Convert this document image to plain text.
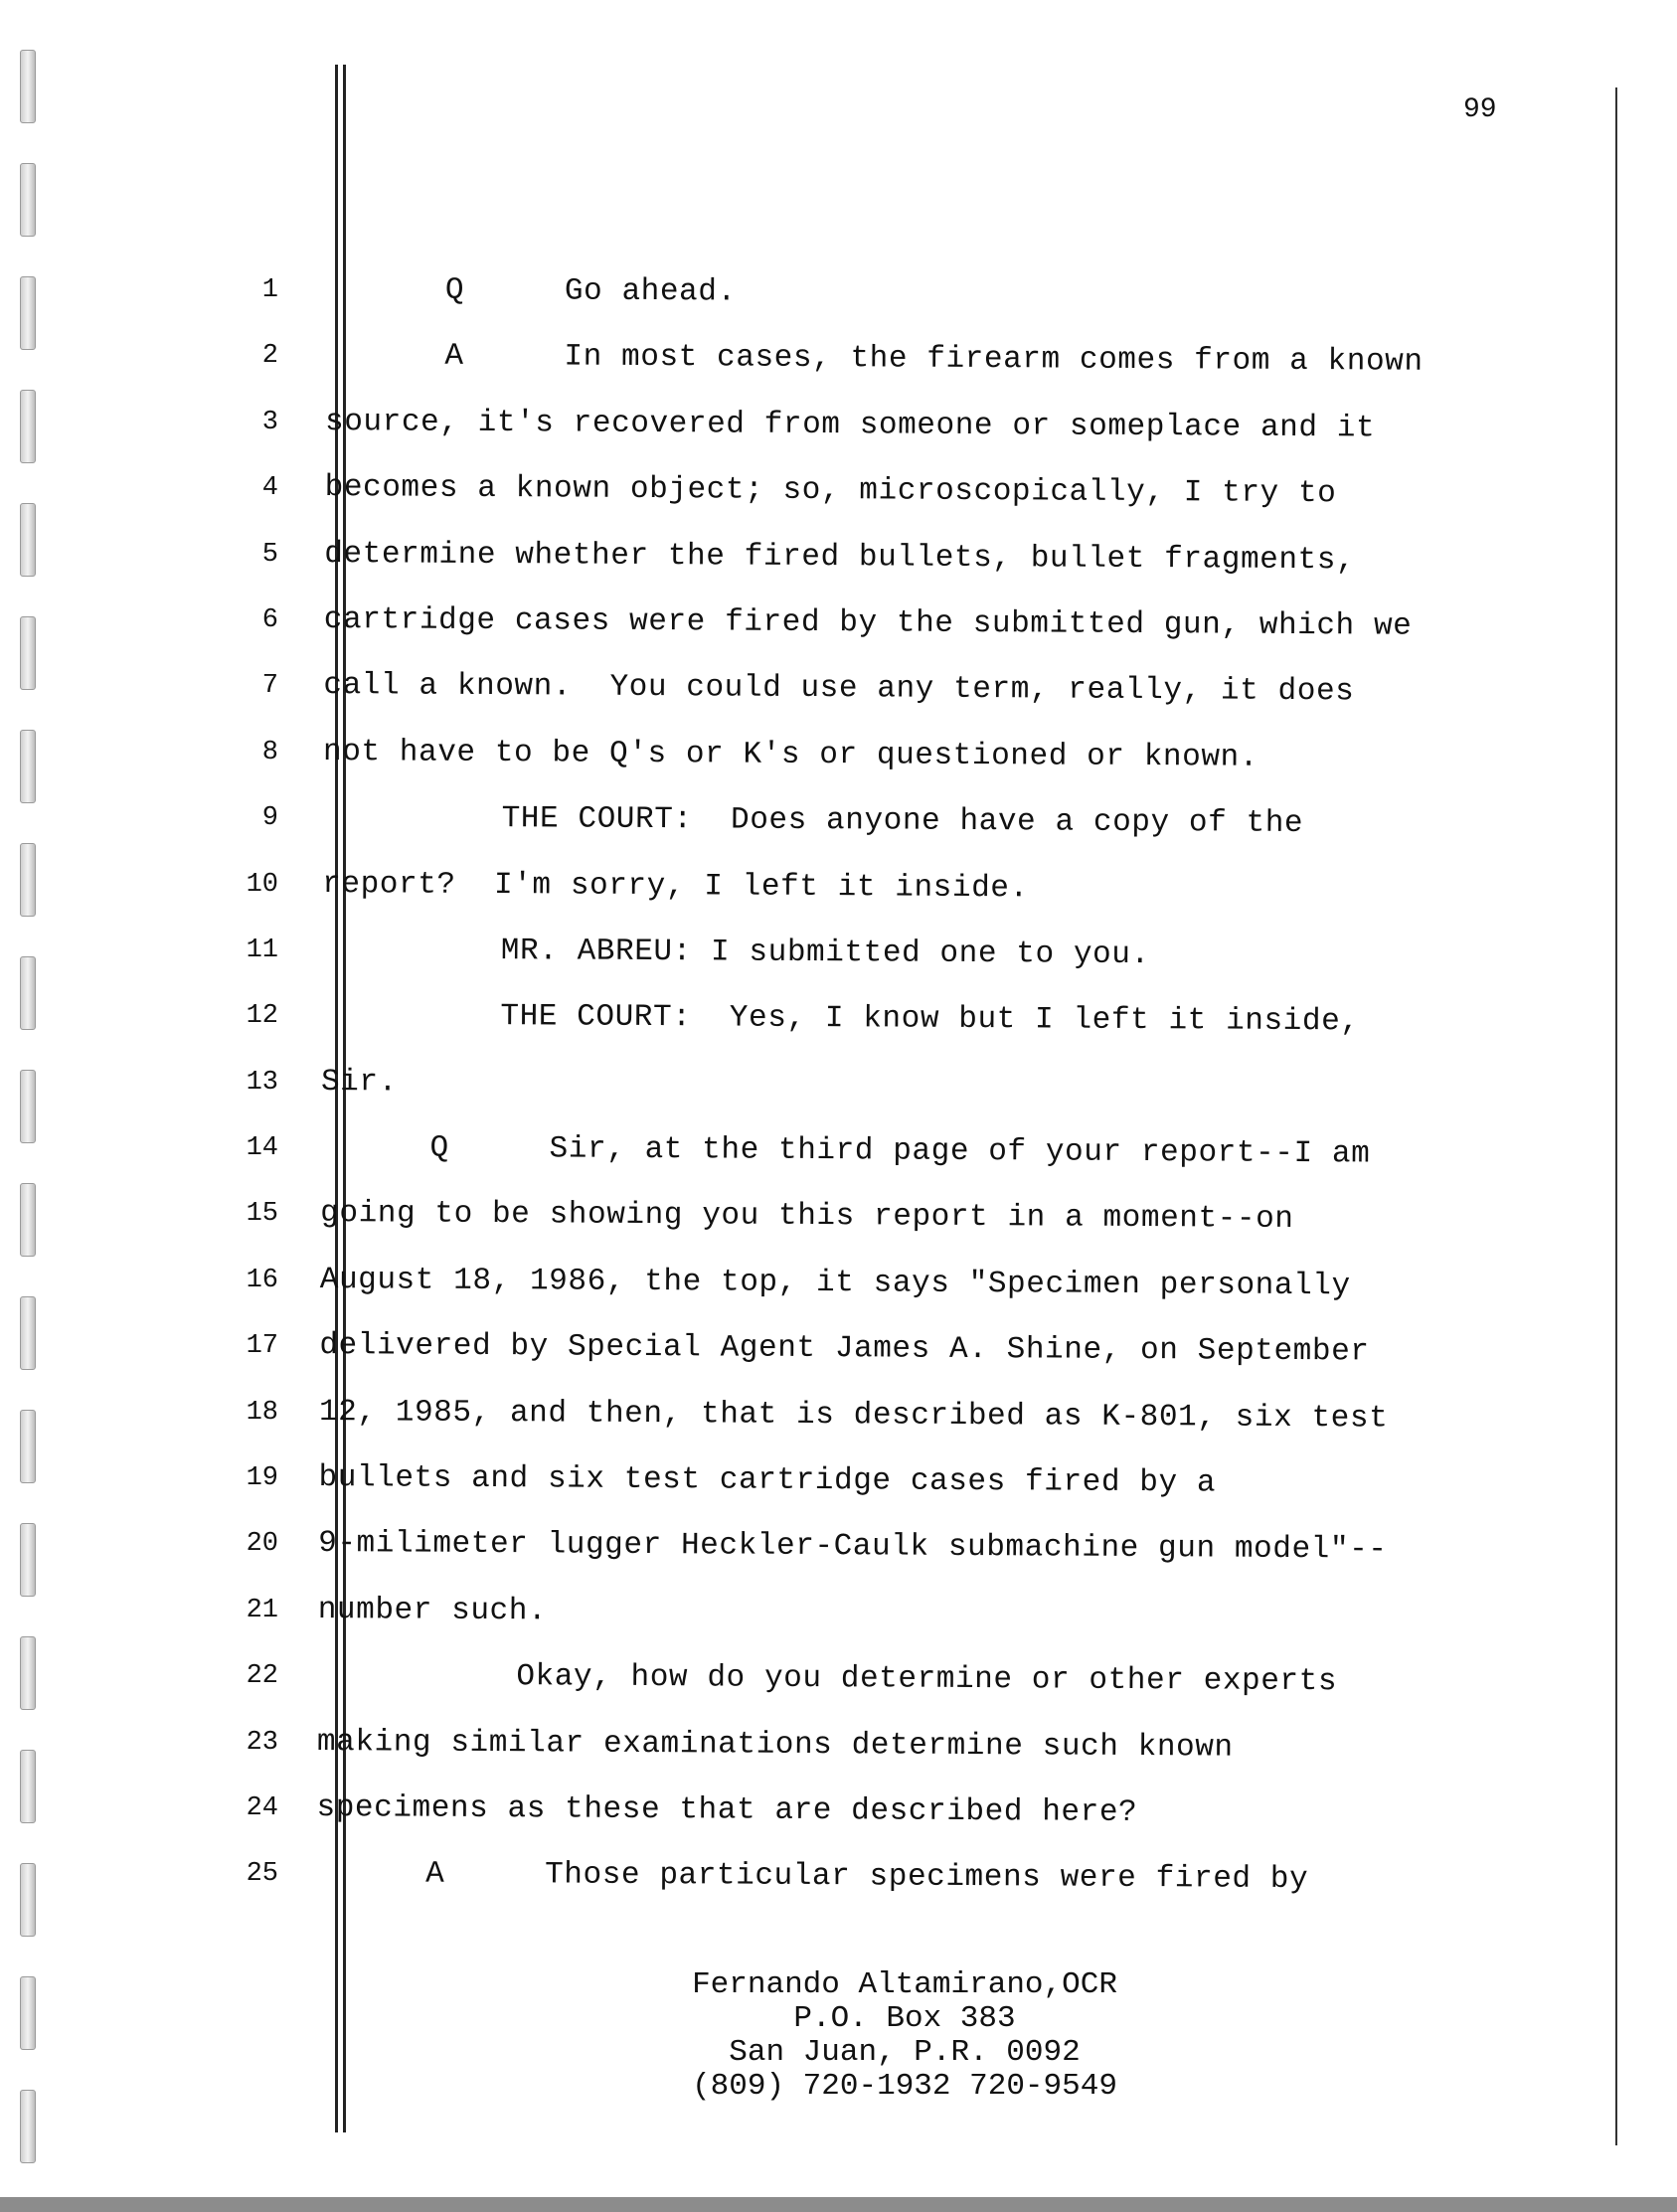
99
1
2
3
4
5
6
7
8
9
10
11
12
13
14
15
16
17
18
19
20
21
22
23
24
25
Q	Go ahead.
A	In most cases, the firearm comes from a known
source, it's recovered from someone or someplace and it
becomes a known object; so, microscopically, I try to
determine whether the fired bullets, bullet fragments,
cartridge cases were fired by the submitted gun, which we
call a known.  You could use any term, really, it does
not have to be Q's or K's or questioned or known.
THE COURT:  Does anyone have a copy of the
report?  I'm sorry, I left it inside.
MR. ABREU: I submitted one to you.
THE COURT:  Yes, I know but I left it inside,
Sir.
Q	Sir, at the third page of your report--I am
going to be showing you this report in a moment--on
August 18, 1986, the top, it says "Specimen personally
delivered by Special Agent James A. Shine, on September
12, 1985, and then, that is described as K-801, six test
bullets and six test cartridge cases fired by a
9-milimeter lugger Heckler-Caulk submachine gun model"--
number such.
Okay, how do you determine or other experts
making similar examinations determine such known
specimens as these that are described here?
A	Those particular specimens were fired by
Fernando Altamirano,OCR
P.O. Box 383
San Juan, P.R. 0092
(809) 720-1932 720-9549
